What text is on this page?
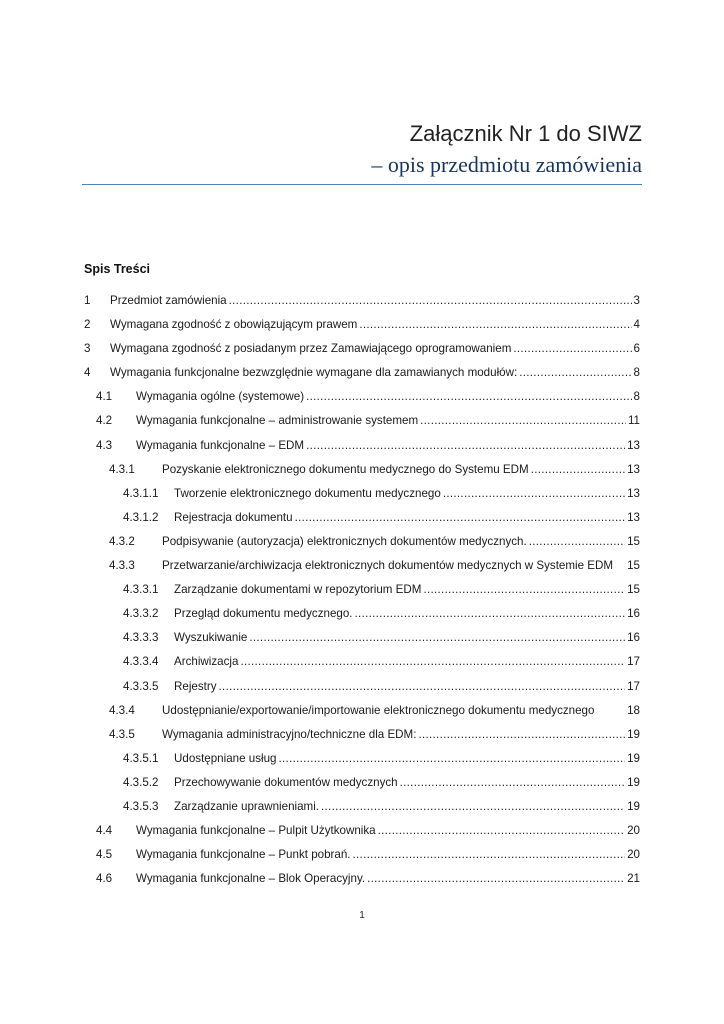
Załącznik Nr 1 do SIWZ
– opis przedmiotu zamówienia
Spis Treści
1	Przedmiot zamówienia .....	3
2	Wymagana zgodność z obowiązującym prawem .....	4
3	Wymagana zgodność z posiadanym przez Zamawiającego oprogramowaniem .....	6
4	Wymagania funkcjonalne bezwzględnie wymagane dla zamawianych modułów: .....	8
4.1	Wymagania ogólne (systemowe) .....	8
4.2	Wymagania funkcjonalne – administrowanie systemem .....	11
4.3	Wymagania funkcjonalne – EDM .....	13
4.3.1	Pozyskanie elektronicznego dokumentu medycznego do Systemu EDM .....	13
4.3.1.1	Tworzenie elektronicznego dokumentu medycznego .....	13
4.3.1.2	Rejestracja dokumentu .....	13
4.3.2	Podpisywanie (autoryzacja) elektronicznych dokumentów medycznych. .....	15
4.3.3	Przetwarzanie/archiwizacja elektronicznych dokumentów medycznych w Systemie EDM 15
4.3.3.1	Zarządzanie dokumentami w repozytorium EDM .....	15
4.3.3.2	Przegląd dokumentu medycznego. .....	16
4.3.3.3	Wyszukiwanie .....	16
4.3.3.4	Archiwizacja .....	17
4.3.3.5	Rejestry .....	17
4.3.4	Udostępnianie/exportowanie/importowanie elektronicznego dokumentu medycznego	18
4.3.5	Wymagania administracyjno/techniczne dla EDM: .....	19
4.3.5.1	Udostępniane usług .....	19
4.3.5.2	Przechowywanie dokumentów medycznych .....	19
4.3.5.3	Zarządzanie uprawnieniami. .....	19
4.4	Wymagania funkcjonalne – Pulpit Użytkownika .....	20
4.5	Wymagania funkcjonalne – Punkt pobrań. .....	20
4.6	Wymagania funkcjonalne – Blok Operacyjny. .....	21
1
